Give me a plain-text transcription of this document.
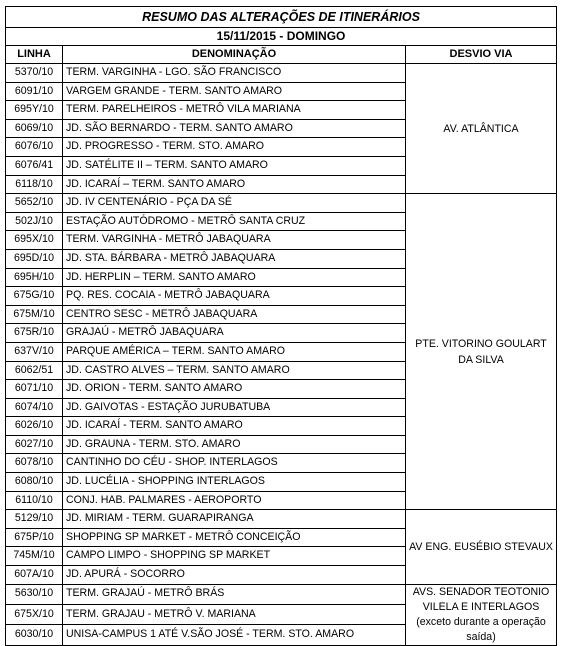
RESUMO DAS ALTERAÇÕES DE ITINERÁRIOS		
15/11/2015 - DOMINGO		
LINHA	DENOMINAÇÃO	DESVIO VIA
5370/10	TERM. VARGINHA - LGO. SÃO FRANCISCO	AV. ATLÂNTICA
6091/10	VARGEM GRANDE - TERM. SANTO AMARO	
695Y/10	TERM. PARELHEIROS - METRÔ VILA MARIANA	
6069/10	JD. SÃO BERNARDO - TERM. SANTO AMARO	
6076/10	JD. PROGRESSO - TERM. STO. AMARO	
6076/41	JD. SATÉLITE II – TERM. SANTO AMARO	
6118/10	JD. ICARAÍ – TERM. SANTO AMARO	
5652/10	JD. IV CENTENÁRIO - PÇA DA SÉ	PTE. VITORINO GOULART DA SILVA
502J/10	ESTAÇÃO AUTÓDROMO - METRÔ SANTA CRUZ	
695X/10	TERM. VARGINHA - METRÔ JABAQUARA	
695D/10	JD. STA. BÁRBARA - METRÔ JABAQUARA	
695H/10	JD. HERPLIN – TERM. SANTO AMARO	
675G/10	PQ. RES. COCAIA - METRÔ JABAQUARA	
675M/10	CENTRO SESC - METRÔ JABAQUARA	
675R/10	GRAJAÚ - METRÔ JABAQUARA	
637V/10	PARQUE AMÉRICA – TERM. SANTO AMARO	
6062/51	JD. CASTRO ALVES – TERM. SANTO AMARO	
6071/10	JD. ORION - TERM. SANTO AMARO	
6074/10	JD. GAIVOTAS - ESTAÇÃO JURUBATUBA	
6026/10	JD. ICARAÍ - TERM. SANTO AMARO	
6027/10	JD. GRAUNA - TERM. STO. AMARO	
6078/10	CANTINHO DO CÉU - SHOP. INTERLAGOS	
6080/10	JD. LUCÉLIA - SHOPPING INTERLAGOS	
6110/10	CONJ. HAB. PALMARES - AEROPORTO	
5129/10	JD. MIRIAM - TERM. GUARAPIRANGA	AV ENG. EUSÉBIO STEVAUX
675P/10	SHOPPING SP MARKET - METRÔ CONCEIÇÃO	
745M/10	CAMPO LIMPO - SHOPPING SP MARKET	
607A/10	JD. APURÁ - SOCORRO	
5630/10	TERM. GRAJAÚ - METRÔ BRÁS	AVS. SENADOR TEOTONIO VILELA E INTERLAGOS
(exceto durante a operação saída)
675X/10	TERM. GRAJAU - METRÔ V. MARIANA	
6030/10	UNISA-CAMPUS 1 ATÉ V.SÃO JOSÉ - TERM. STO. AMARO	
